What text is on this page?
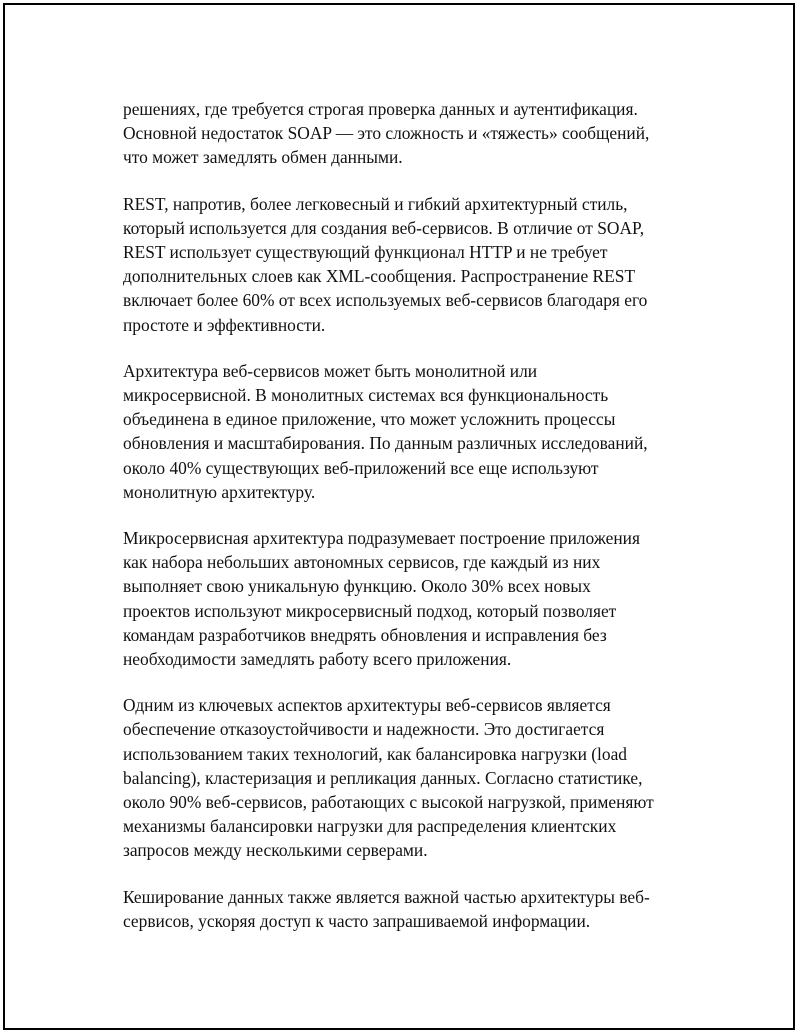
решениях, где требуется строгая проверка данных и аутентификация.
Основной недостаток SOAP — это сложность и «тяжесть» сообщений,
что может замедлять обмен данными.

REST, напротив, более легковесный и гибкий архитектурный стиль,
который используется для создания веб-сервисов. В отличие от SOAP,
REST использует существующий функционал HTTP и не требует
дополнительных слоев как XML-сообщения. Распространение REST
включает более 60% от всех используемых веб-сервисов благодаря его
простоте и эффективности.

Архитектура веб-сервисов может быть монолитной или
микросервисной. В монолитных системах вся функциональность
объединена в единое приложение, что может усложнить процессы
обновления и масштабирования. По данным различных исследований,
около 40% существующих веб-приложений все еще используют
монолитную архитектуру.

Микросервисная архитектура подразумевает построение приложения
как набора небольших автономных сервисов, где каждый из них
выполняет свою уникальную функцию. Около 30% всех новых
проектов используют микросервисный подход, который позволяет
командам разработчиков внедрять обновления и исправления без
необходимости замедлять работу всего приложения.

Одним из ключевых аспектов архитектуры веб-сервисов является
обеспечение отказоустойчивости и надежности. Это достигается
использованием таких технологий, как балансировка нагрузки (load
balancing), кластеризация и репликация данных. Согласно статистике,
около 90% веб-сервисов, работающих с высокой нагрузкой, применяют
механизмы балансировки нагрузки для распределения клиентских
запросов между несколькими серверами.

Кеширование данных также является важной частью архитектуры веб-
сервисов, ускоряя доступ к часто запрашиваемой информации.
